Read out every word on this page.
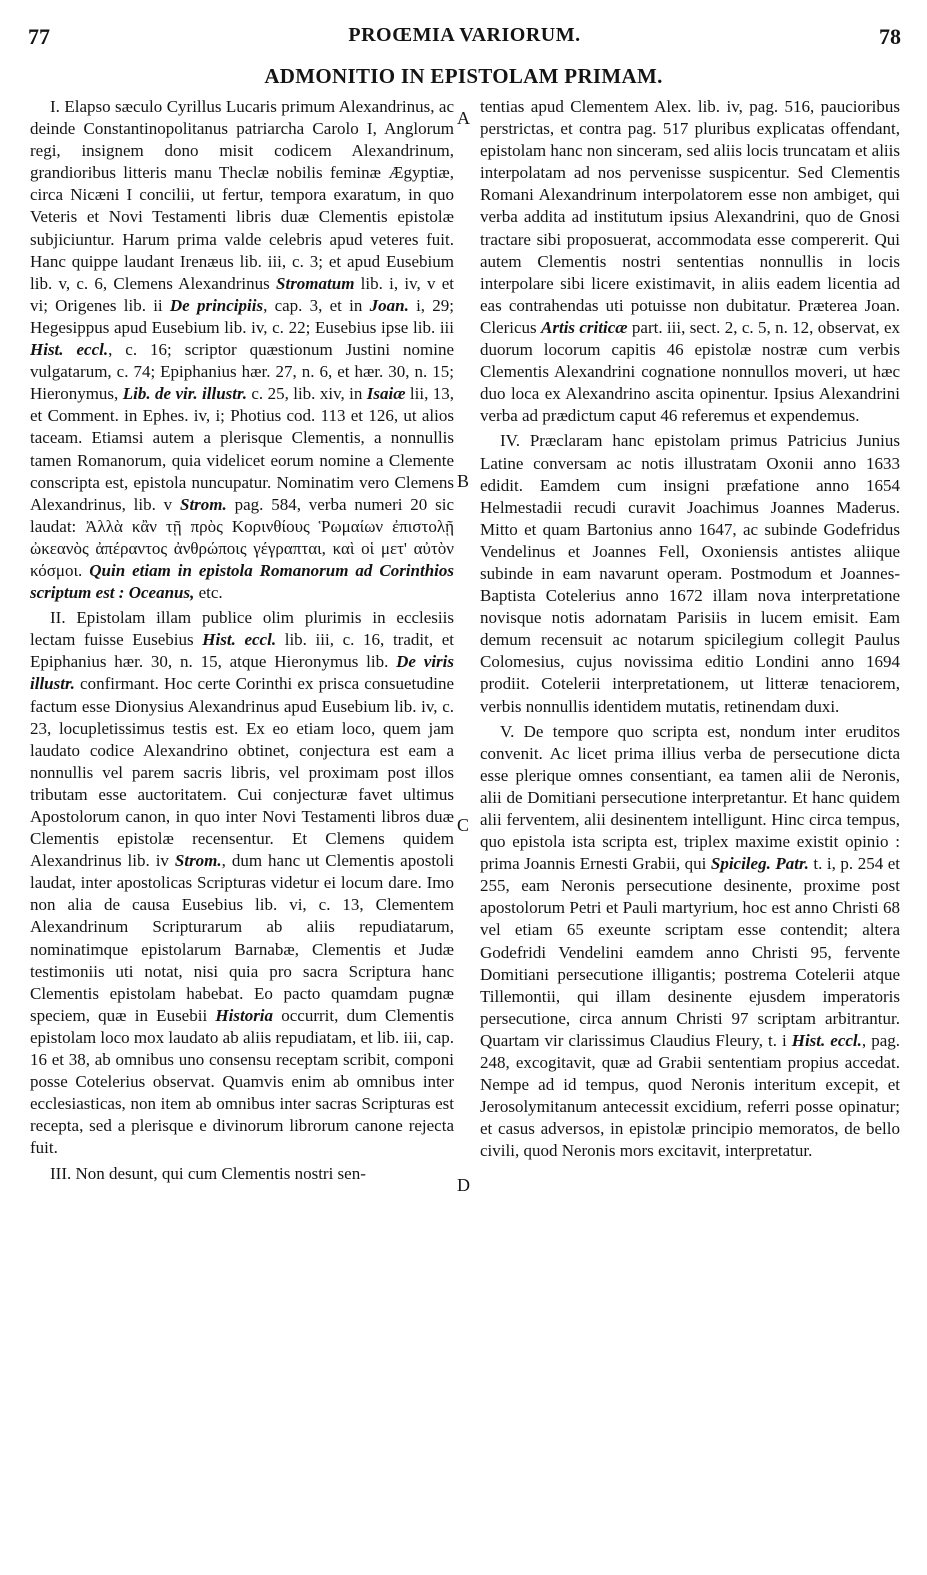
77	PROŒMIA VARIORUM.	78
ADMONITIO IN EPISTOLAM PRIMAM.

I. Elapso sæculo Cyrillus Lucaris primum Alexandrinus, ac deinde Constantinopolitanus patriarcha Carolo I, Anglorum regi, insignem dono misit codicem Alexandrinum, grandioribus litteris manu Theclæ nobilis feminæ Ægyptiæ, circa Nicæni I concilii, ut fertur, tempora exaratum, in quo Veteris et Novi Testamenti libris duæ Clementis epistolæ subjiciuntur. Harum prima valde celebris apud veteres fuit. Hanc quippe laudant Irenæus lib. iii, c. 3; et apud Eusebium lib. v, c. 6, Clemens Alexandrinus Stromatum lib. i, iv, v et vi; Origenes lib. ii De principiis, cap. 3, et in Joan. i, 29; Hegesippus apud Eusebium lib. iv, c. 22; Eusebius ipse lib. iii Hist. eccl., c. 16; scriptor quæstionum Justini nomine vulgatarum, c. 74; Epiphanius hær. 27, n. 6, et hær. 30, n. 15; Hieronymus, Lib. de vir. illustr. c. 25, lib. xiv, in Isaiæ lii, 13, et Comment. in Ephes. iv, i; Photius cod. 113 et 126, ut alios taceam. Etiamsi autem a plerisque Clementis, a nonnullis tamen Romanorum, quia videlicet eorum nomine a Clemente conscripta est, epistola nuncupatur. Nominatim vero Clemens Alexandrinus, lib. v Strom. pag. 584, verba numeri 20 sic laudat: Ἀλλὰ κἂν τῇ πρὸς Κορινθίους Ῥωμαίων ἐπιστολῇ ὠκεανὸς ἀπέραντος ἀνθρώποις γέγραπται, καὶ οἱ μετ' αὐτὸν κόσμοι. Quin etiam in epistola Romanorum ad Corinthios scriptum est : Oceanus, etc.

II. Epistolam illam publice olim plurimis in ecclesiis lectam fuisse Eusebius Hist. eccl. lib. iii, c. 16, tradit, et Epiphanius hær. 30, n. 15, atque Hieronymus lib. De viris illustr. confirmant. Hoc certe Corinthi ex prisca consuetudine factum esse Dionysius Alexandrinus apud Eusebium lib. iv, c. 23, locupletissimus testis est. Ex eo etiam loco, quem jam laudato codice Alexandrino obtinet, conjectura est eam a nonnullis vel parem sacris libris, vel proximam post illos tributam esse auctoritatem. Cui conjecturæ favet ultimus Apostolorum canon, in quo inter Novi Testamenti libros duæ Clementis epistolæ recensentur. Et Clemens quidem Alexandrinus lib. iv Strom., dum hanc ut Clementis apostoli laudat, inter apostolicas Scripturas videtur ei locum dare. Imo non alia de causa Eusebius lib. vi, c. 13, Clementem Alexandrinum Scripturarum ab aliis repudiatarum, nominatimque epistolarum Barnabæ, Clementis et Judæ testimoniis uti notat, nisi quia pro sacra Scriptura hanc Clementis epistolam habebat. Eo pacto quamdam pugnæ speciem, quæ in Eusebii Historia occurrit, dum Clementis epistolam loco mox laudato ab aliis repudiatam, et lib. iii, cap. 16 et 38, ab omnibus uno consensu receptam scribit, componi posse Cotelerius observat. Quamvis enim ab omnibus inter ecclesiasticas, non item ab omnibus inter sacras Scripturas est recepta, sed a plerisque e divinorum librorum canone rejecta fuit.

III. Non desunt, qui cum Clementis nostri sen-

tentias apud Clementem Alex. lib. iv, pag. 516, paucioribus perstrictas, et contra pag. 517 pluribus explicatas offendant, epistolam hanc non sinceram, sed aliis locis truncatam et aliis interpolatam ad nos pervenisse suspicentur. Sed Clementis Romani Alexandrinum interpolatorem esse non ambiget, qui verba addita ad institutum ipsius Alexandrini, quo de Gnosi tractare sibi proposuerat, accommodata esse compererit. Qui autem Clementis nostri sententias nonnullis in locis interpolare sibi licere existimavit, in aliis eadem licentia ad eas contrahendas uti potuisse non dubitatur. Præterea Joan. Clericus Artis criticæ part. iii, sect. 2, c. 5, n. 12, observat, ex duorum locorum capitis 46 epistolæ nostræ cum verbis Clementis Alexandrini cognatione nonnullos moveri, ut hæc duo loca ex Alexandrino ascita opinentur. Ipsius Alexandrini verba ad prædictum caput 46 referemus et expendemus.

IV. Præclaram hanc epistolam primus Patricius Junius Latine conversam ac notis illustratam Oxonii anno 1633 edidit. Eamdem cum insigni præfatione anno 1654 Helmestadii recudi curavit Joachimus Joannes Maderus. Mitto et quam Bartonius anno 1647, ac subinde Godefridus Vendelinus et Joannes Fell, Oxoniensis antistes aliique subinde in eam navarunt operam. Postmodum et Joannes-Baptista Cotelerius anno 1672 illam nova interpretatione novisque notis adornatam Parisiis in lucem emisit. Eam demum recensuit ac notarum spicilegium collegit Paulus Colomesius, cujus novissima editio Londini anno 1694 prodiit. Cotelerii interpretationem, ut litteræ tenaciorem, verbis nonnullis identidem mutatis, retinendam duxi.

V. De tempore quo scripta est, nondum inter eruditos convenit. Ac licet prima illius verba de persecutione dicta esse plerique omnes consentiant, ea tamen alii de Neronis, alii de Domitiani persecutione interpretantur. Et hanc quidem alii ferventem, alii desinentem intelligunt. Hinc circa tempus, quo epistola ista scripta est, triplex maxime existit opinio : prima Joannis Ernesti Grabii, qui Spicileg. Patr. t. i, p. 254 et 255, eam Neronis persecutione desinente, proxime post apostolorum Petri et Pauli martyrium, hoc est anno Christi 68 vel etiam 65 exeunte scriptam esse contendit; altera Godefridi Vendelini eamdem anno Christi 95, fervente Domitiani persecutione illigantis; postrema Cotelerii atque Tillemontii, qui illam desinente ejusdem imperatoris persecutione, circa annum Christi 97 scriptam arbitrantur. Quartam vir clarissimus Claudius Fleury, t. i Hist. eccl., pag. 248, excogitavit, quæ ad Grabii sententiam propius accedat. Nempe ad id tempus, quod Neronis interitum excepit, et Jerosolymitanum antecessit excidium, referri posse opinatur; et casus adversos, in epistolæ principio memoratos, de bello civili, quod Neronis mors excitavit, interpretatur.

A
B
C
D
